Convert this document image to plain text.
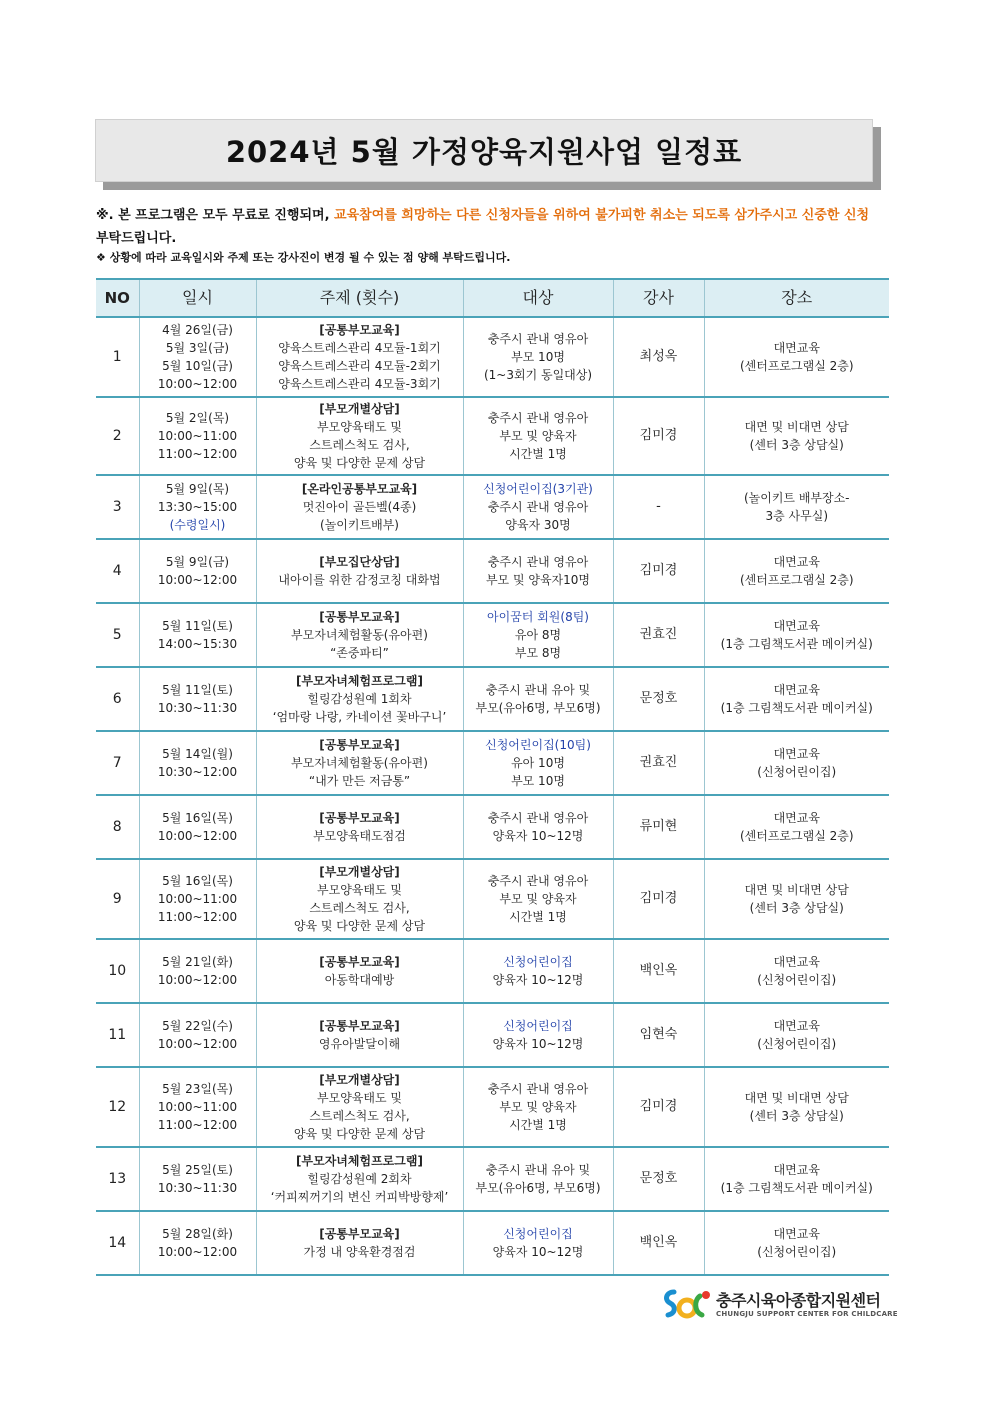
2024년 5월 가정양육지원사업 일정표
※. 본 프로그램은 모두 무료로 진행되며, 교육참여를 희망하는 다른 신청자들을 위하여 불가피한 취소는 되도록 삼가주시고 신중한 신청 부탁드립니다.
❖ 상황에 따라 교육일시와 주제 또는 강사진이 변경 될 수 있는 점 양해 부탁드립니다.
NO	일시	주제 (횟수)	대상	강사	장소
1	4월 26일(금)
5월 3일(금)
5월 10일(금)
10:00~12:00	[공통부모교육]
양육스트레스관리 4모듈-1회기
양육스트레스관리 4모듈-2회기
양육스트레스관리 4모듈-3회기	충주시 관내 영유아
부모 10명
(1~3회기 동일대상)	최성옥	대면교육
(센터프로그램실 2층)

2	5월 2일(목)
10:00~11:00
11:00~12:00	[부모개별상담]
부모양육태도 및
스트레스척도 검사,
양육 및 다양한 문제 상담	충주시 관내 영유아
부모 및 양육자
시간별 1명	김미경	대면 및 비대면 상담
(센터 3층 상담실)

3	5월 9일(목)
13:30~15:00
(수령일시)	[온라인공통부모교육]
멋진아이 골든벨(4종)
(놀이키트배부)	신청어린이집(3기관)
충주시 관내 영유아
양육자 30명	-	(놀이키트 배부장소-
3층 사무실)

4	5월 9일(금)
10:00~12:00	[부모집단상담]
내아이를 위한 감정코칭 대화법	충주시 관내 영유아
부모 및 양육자10명	김미경	대면교육
(센터프로그램실 2층)

5	5월 11일(토)
14:00~15:30	[공통부모교육]
부모자녀체험활동(유아편)
“존중파티”	아이꿈터 회원(8팀)
유아 8명
부모 8명	권효진	대면교육
(1층 그림책도서관 메이커실)

6	5월 11일(토)
10:30~11:30	[부모자녀체험프로그램]
힐링감성원예 1회차
‘엄마랑 나랑, 카네이션 꽃바구니’	충주시 관내 유아 및
부모(유아6명, 부모6명)	문정호	대면교육
(1층 그림책도서관 메이커실)

7	5월 14일(월)
10:30~12:00	[공통부모교육]
부모자녀체험활동(유아편)
“내가 만든 저금통”	신청어린이집(10팀)
유아 10명
부모 10명	권효진	대면교육
(신청어린이집)

8	5월 16일(목)
10:00~12:00	[공통부모교육]
부모양육태도점검	충주시 관내 영유아
양육자 10~12명	류미현	대면교육
(센터프로그램실 2층)

9	5월 16일(목)
10:00~11:00
11:00~12:00	[부모개별상담]
부모양육태도 및
스트레스척도 검사,
양육 및 다양한 문제 상담	충주시 관내 영유아
부모 및 양육자
시간별 1명	김미경	대면 및 비대면 상담
(센터 3층 상담실)

10	5월 21일(화)
10:00~12:00	[공통부모교육]
아동학대예방	신청어린이집
양육자 10~12명	백인옥	대면교육
(신청어린이집)

11	5월 22일(수)
10:00~12:00	[공통부모교육]
영유아발달이해	신청어린이집
양육자 10~12명	임현숙	대면교육
(신청어린이집)

12	5월 23일(목)
10:00~11:00
11:00~12:00	[부모개별상담]
부모양육태도 및
스트레스척도 검사,
양육 및 다양한 문제 상담	충주시 관내 영유아
부모 및 양육자
시간별 1명	김미경	대면 및 비대면 상담
(센터 3층 상담실)

13	5월 25일(토)
10:30~11:30	[부모자녀체험프로그램]
힐링감성원예 2회차
‘커피찌꺼기의 변신 커피박방향제’	충주시 관내 유아 및
부모(유아6명, 부모6명)	문정호	대면교육
(1층 그림책도서관 메이커실)

14	5월 28일(화)
10:00~12:00	[공통부모교육]
가정 내 양육환경점검	신청어린이집
양육자 10~12명	백인옥	대면교육
(신청어린이집)
충주시육아종합지원센터
CHUNGJU SUPPORT CENTER FOR CHILDCARE
